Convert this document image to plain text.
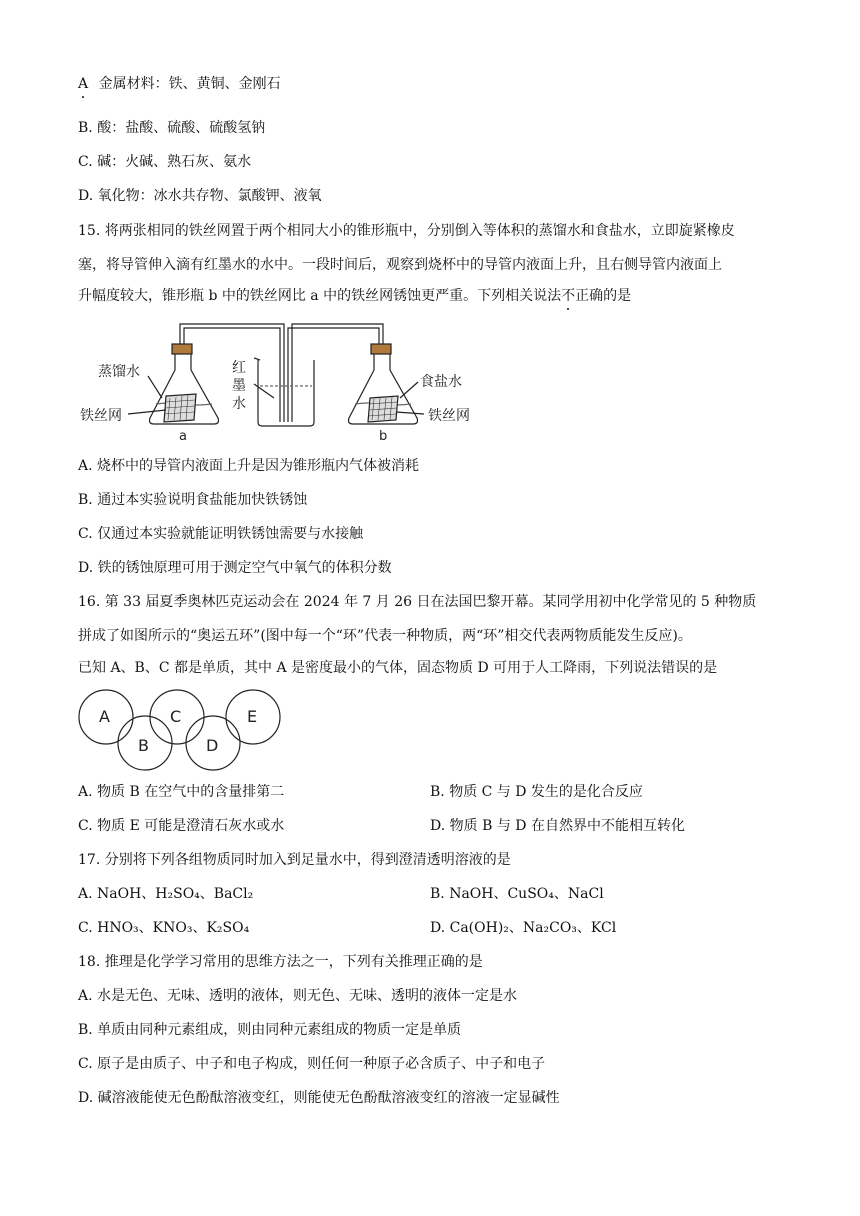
A 金属材料：铁、黄铜、金刚石
B. 酸：盐酸、硫酸、硫酸氢钠
C. 碱：火碱、熟石灰、氨水
D. 氧化物：冰水共存物、氯酸钾、液氧
15. 将两张相同的铁丝网置于两个相同大小的锥形瓶中，分别倒入等体积的蒸馏水和食盐水，立即旋紧橡皮
塞，将导管伸入滴有红墨水的水中。一段时间后，观察到烧杯中的导管内液面上升，且右侧导管内液面上
升幅度较大，锥形瓶 b 中的铁丝网比 a 中的铁丝网锈蚀更严重。下列相关说法不正确的是
蒸馏水
铁丝网
红
墨
水
食盐水
铁丝网
a	b
A. 烧杯中的导管内液面上升是因为锥形瓶内气体被消耗
B. 通过本实验说明食盐能加快铁锈蚀
C. 仅通过本实验就能证明铁锈蚀需要与水接触
D. 铁的锈蚀原理可用于测定空气中氧气的体积分数
16. 第 33 届夏季奥林匹克运动会在 2024 年 7 月 26 日在法国巴黎开幕。某同学用初中化学常见的 5 种物质
拼成了如图所示的“奥运五环”(图中每一个“环”代表一种物质，两“环”相交代表两物质能发生反应)。
已知 A、B、C 都是单质，其中 A 是密度最小的气体，固态物质 D 可用于人工降雨，下列说法错误的是
A
B
C
D
E
A. 物质 B 在空气中的含量排第二	B. 物质 C 与 D 发生的是化合反应
C. 物质 E 可能是澄清石灰水或水	D. 物质 B 与 D 在自然界中不能相互转化
17. 分别将下列各组物质同时加入到足量水中，得到澄清透明溶液的是
A. NaOH、H₂SO₄、BaCl₂	B. NaOH、CuSO₄、NaCl
C. HNO₃、KNO₃、K₂SO₄	D. Ca(OH)₂、Na₂CO₃、KCl
18. 推理是化学学习常用的思维方法之一，下列有关推理正确的是
A. 水是无色、无味、透明的液体，则无色、无味、透明的液体一定是水
B. 单质由同种元素组成，则由同种元素组成的物质一定是单质
C. 原子是由质子、中子和电子构成，则任何一种原子必含质子、中子和电子
D. 碱溶液能使无色酚酞溶液变红，则能使无色酚酞溶液变红的溶液一定显碱性
